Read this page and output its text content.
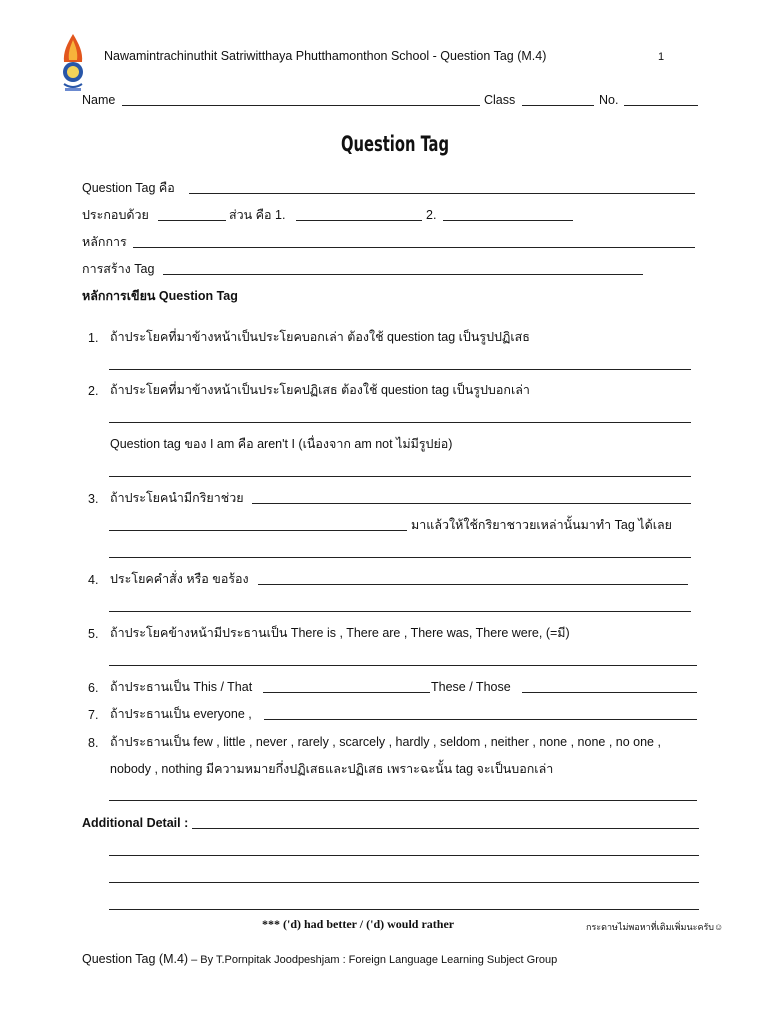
Nawamintrachinuthit Satriwitthaya Phutthamonthon School - Question Tag (M.4)	1
Name	Class	No.
Question Tag
Question Tag คือ
ประกอบด้วย	ส่วน คือ 1.	2.
หลักการ
การสร้าง Tag
หลักการเขียน Question Tag
1. ถ้าประโยคที่มาข้างหน้าเป็นประโยคบอกเล่า ต้องใช้ question tag เป็นรูปปฏิเสธ
2. ถ้าประโยคที่มาข้างหน้าเป็นประโยคปฏิเสธ ต้องใช้ question tag เป็นรูปบอกเล่า
Question tag ของ I am คือ aren't I (เนื่องจาก am not ไม่มีรูปย่อ)
3. ถ้าประโยคนำมีกริยาช่วย
มาแล้วให้ใช้กริยาชาวยเหล่านั้นมาทำ Tag ได้เลย
4. ประโยคคำสั่ง หรือ ขอร้อง
5. ถ้าประโยคข้างหน้ามีประธานเป็น There is , There are , There was, There were, (=มี)
6. ถ้าประธานเป็น This / That	These / Those
7. ถ้าประธานเป็น everyone ,
8. ถ้าประธานเป็น few , little , never , rarely , scarcely , hardly , seldom , neither , none , none , no one ,
nobody , nothing มีความหมายกึ่งปฏิเสธและปฏิเสธ เพราะฉะนั้น tag จะเป็นบอกเล่า
Additional Detail :
*** ('d) had better / ('d) would rather	กระดาษไม่พอหาที่เติมเพิ่มนะครับ☺
Question Tag (M.4) – By T.Pornpitak Joodpeshjam : Foreign Language Learning Subject Group
